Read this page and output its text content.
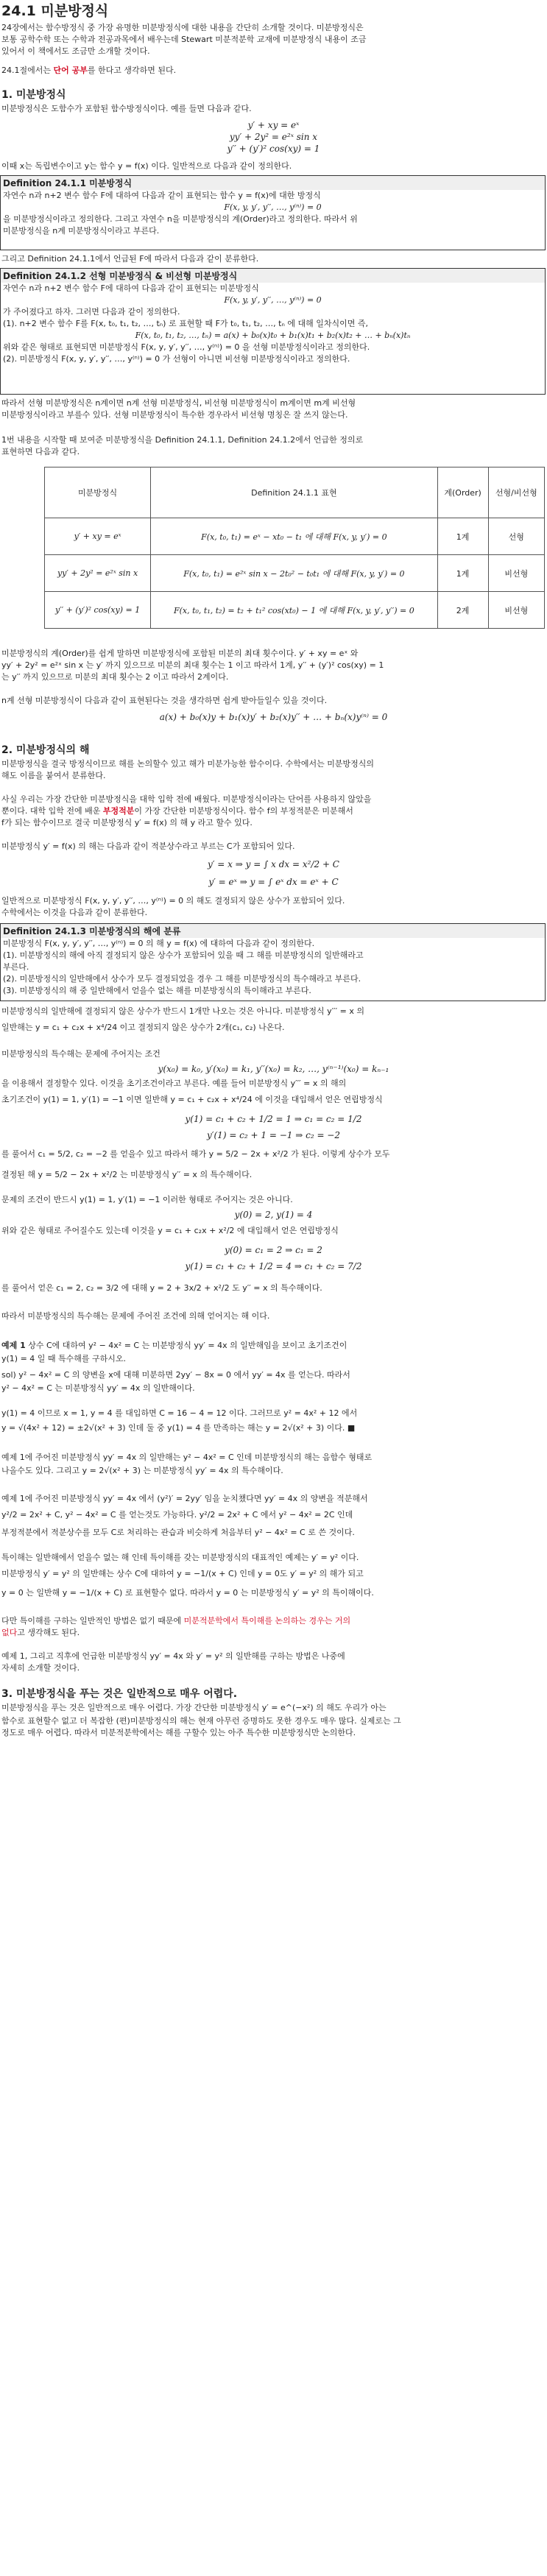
24.1 미분방정식

24장에서는 함수방정식 중 가장 유명한 미분방정식에 대한 내용을 간단히 소개할 것이다. 미분방정식은

보통 공학수학 또는 수학과 전공과목에서 배우는데 Stewart 미분적분학 교재에 미분방정식 내용이 조금

있어서 이 책에서도 조금만 소개할 것이다.

24.1절에서는 단어 공부를 한다고 생각하면 된다.

1. 미분방정식

미분방정식은 도함수가 포함된 함수방정식이다. 예를 들면 다음과 같다.

y′ + xy = eˣ
yy′ + 2y² = e²ˣ sin x
y′′ + (y′)² cos(xy) = 1

이때 x는 독립변수이고 y는 함수 y = f(x) 이다. 일반적으로 다음과 같이 정의한다.

Definition 24.1.1 미분방정식
자연수 n과 n+2 변수 함수 F에 대하여 다음과 같이 표현되는 함수 y = f(x)에 대한 방정식
F(x, y, y′, y′′, …, y⁽ⁿ⁾) = 0
을 미분방정식이라고 정의한다. 그리고 자연수 n을 미분방정식의 계(Order)라고 정의한다. 따라서 위
미분방정식을 n계 미분방정식이라고 부른다.

그리고 Definition 24.1.1에서 언급된 F에 따라서 다음과 같이 분류한다.

Definition 24.1.2 선형 미분방정식 & 비선형 미분방정식
자연수 n과 n+2 변수 함수 F에 대하여 다음과 같이 표현되는 미분방정식
F(x, y, y′, y′′, …, y⁽ⁿ⁾) = 0
가 주어졌다고 하자. 그러면 다음과 같이 정의한다.
(1). n+2 변수 함수 F를 F(x, t₀, t₁, t₂, …, tₙ) 로 표현할 때 F가 t₀, t₁, t₂, …, tₙ 에 대해 일차식이면 즉,
F(x, t₀, t₁, t₂, …, tₙ) = a(x) + b₀(x)t₀ + b₁(x)t₁ + b₂(x)t₂ + … + bₙ(x)tₙ
위와 같은 형태로 표현되면 미분방정식 F(x, y, y′, y′′, …, y⁽ⁿ⁾) = 0 을 선형 미분방정식이라고 정의한다.
(2). 미분방정식 F(x, y, y′, y′′, …, y⁽ⁿ⁾) = 0 가 선형이 아니면 비선형 미분방정식이라고 정의한다.

따라서 선형 미분방정식은 n계이면 n계 선형 미분방정식, 비선형 미분방정식이 m계이면 m계 비선형

미분방정식이라고 부를수 있다. 선형 미분방정식이 특수한 경우라서 비선형 명칭은 잘 쓰지 않는다.

1번 내용을 시작할 때 보여준 미분방정식을 Definition 24.1.1, Definition 24.1.2에서 언급한 정의로

표현하면 다음과 같다.

미분방정식	Definition 24.1.1 표현	계(Order)	선형/비선형
y′ + xy = eˣ	F(x, t₀, t₁) = eˣ − xt₀ − t₁ 에 대해 F(x, y, y′) = 0	1계	선형
yy′ + 2y² = e²ˣ sin x	F(x, t₀, t₁) = e²ˣ sin x − 2t₀² − t₀t₁ 에 대해 F(x, y, y′) = 0	1계	비선형
y′′ + (y′)² cos(xy) = 1	F(x, t₀, t₁, t₂) = t₂ + t₁² cos(xt₀) − 1 에 대해 F(x, y, y′, y′′) = 0	2계	비선형

미분방정식의 계(Order)를 쉽게 말하면 미분방정식에 포함된 미분의 최대 횟수이다. y′ + xy = eˣ 와

yy′ + 2y² = e²ˣ sin x 는 y′ 까지 있으므로 미분의 최대 횟수는 1 이고 따라서 1계, y′′ + (y′)² cos(xy) = 1

는 y′′ 까지 있으므로 미분의 최대 횟수는 2 이고 따라서 2계이다.

n계 선형 미분방정식이 다음과 같이 표현된다는 것을 생각하면 쉽게 받아들일수 있을 것이다.

a(x) + b₀(x)y + b₁(x)y′ + b₂(x)y′′ + … + bₙ(x)y⁽ⁿ⁾ = 0
2. 미분방정식의 해

미분방정식을 결국 방정식이므로 해를 논의할수 있고 해가 미분가능한 함수이다. 수학에서는 미분방정식의

해도 이름을 붙여서 분류한다.

사실 우리는 가장 간단한 미분방정식을 대학 입학 전에 배웠다. 미분방정식이라는 단어를 사용하지 않았을

뿐이다. 대학 입학 전에 배운 부정적분이 가장 간단한 미분방정식이다. 함수 f의 부정적분은 미분해서

f가 되는 함수이므로 결국 미분방정식 y′ = f(x) 의 해 y 라고 할수 있다.

미분방정식 y′ = f(x) 의 해는 다음과 같이 적분상수라고 부르는 C가 포함되어 있다.

y′ = x ⇒ y = ∫ x dx = x²/2 + C
y′ = eˣ ⇒ y = ∫ eˣ dx = eˣ + C

일반적으로 미분방정식 F(x, y, y′, y′′, …, y⁽ⁿ⁾) = 0 의 해도 결정되지 않은 상수가 포함되어 있다.

수학에서는 이것을 다음과 같이 분류한다.

Definition 24.1.3 미분방정식의 해에 분류
미분방정식 F(x, y, y′, y′′, …, y⁽ⁿ⁾) = 0 의 해 y = f(x) 에 대하여 다음과 같이 정의한다.
(1). 미분방정식의 해에 아직 결정되지 않은 상수가 포함되어 있을 때 그 해를 미분방정식의 일반해라고
부른다.
(2). 미분방정식의 일반해에서 상수가 모두 결정되었을 경우 그 해를 미분방정식의 특수해라고 부른다.
(3). 미분방정식의 해 중 일반해에서 얻을수 없는 해를 미분방정식의 특이해라고 부른다.

미분방정식의 일반해에 결정되지 않은 상수가 반드시 1개만 나오는 것은 아니다. 미분방정식 y′′′ = x 의

일반해는 y = c₁ + c₂x + x⁴/24 이고 결정되지 않은 상수가 2개(c₁, c₂) 나온다.

미분방정식의 특수해는 문제에 주어지는 조건

y(x₀) = k₀, y′(x₀) = k₁, y′′(x₀) = k₂, …, y⁽ⁿ⁻¹⁾(x₀) = kₙ₋₁

을 이용해서 결정할수 있다. 이것을 초기조건이라고 부른다. 예를 들어 미분방정식 y′′′ = x 의 해의

초기조건이 y(1) = 1, y′(1) = −1 이면 일반해 y = c₁ + c₂x + x⁴/24 에 이것을 대입해서 얻은 연립방정식

y(1) = c₁ + c₂ + 1/2 = 1 ⇒ c₁ = c₂ = 1/2
y′(1) = c₂ + 1 = −1 ⇒ c₂ = −2

를 풀어서 c₁ = 5/2, c₂ = −2 를 얻을수 있고 따라서 해가 y = 5/2 − 2x + x²/2 가 된다. 이렇게 상수가 모두

결정된 해 y = 5/2 − 2x + x²/2 는 미분방정식 y′′ = x 의 특수해이다.

문제의 조건이 반드시 y(1) = 1, y′(1) = −1 이러한 형태로 주어지는 것은 아니다.

y(0) = 2, y(1) = 4

위와 같은 형태로 주어질수도 있는데 이것을 y = c₁ + c₂x + x²/2 에 대입해서 얻은 연립방정식

y(0) = c₁ = 2 ⇒ c₁ = 2
y(1) = c₁ + c₂ + 1/2 = 4 ⇒ c₁ + c₂ = 7/2

를 풀어서 얻은 c₁ = 2, c₂ = 3/2 에 대해 y = 2 + 3x/2 + x²/2 도 y′′ = x 의 특수해이다.

따라서 미분방정식의 특수해는 문제에 주어진 조건에 의해 얻어지는 해 이다.

예제 1 상수 C에 대하여 y² − 4x² = C 는 미분방정식 yy′ = 4x 의 일반해임을 보이고 초기조건이

y(1) = 4 일 때 특수해를 구하시오.

sol) y² − 4x² = C 의 양변을 x에 대해 미분하면 2yy′ − 8x = 0 에서 yy′ = 4x 를 얻는다. 따라서

y² − 4x² = C 는 미분방정식 yy′ = 4x 의 일반해이다.

y(1) = 4 이므로 x = 1, y = 4 를 대입하면 C = 16 − 4 = 12 이다. 그러므로 y² = 4x² + 12 에서

y = √(4x² + 12) = ±2√(x² + 3) 인데 둘 중 y(1) = 4 를 만족하는 해는 y = 2√(x² + 3) 이다. ■

예제 1에 주어진 미분방정식 yy′ = 4x 의 일반해는 y² − 4x² = C 인데 미분방정식의 해는 음함수 형태로

나올수도 있다. 그리고 y = 2√(x² + 3) 는 미분방정식 yy′ = 4x 의 특수해이다.

예제 1에 주어진 미분방정식 yy′ = 4x 에서 (y²)′ = 2yy′ 임을 눈치챘다면 yy′ = 4x 의 양변을 적분해서

y²/2 = 2x² + C, y² − 4x² = C 를 얻는것도 가능하다. y²/2 = 2x² + C 에서 y² − 4x² = 2C 인데

부정적분에서 적분상수를 모두 C로 처리하는 관습과 비슷하게 처음부터 y² − 4x² = C 로 쓴 것이다.

특이해는 일반해에서 얻을수 없는 해 인데 특이해를 갖는 미분방정식의 대표적인 예제는 y′ = y² 이다.

미분방정식 y′ = y² 의 일반해는 상수 C에 대하여 y = −1/(x + C) 인데 y = 0도 y′ = y² 의 해가 되고

y = 0 는 일반해 y = −1/(x + C) 로 표현할수 없다. 따라서 y = 0 는 미분방정식 y′ = y² 의 특이해이다.

다만 특이해를 구하는 일반적인 방법은 없기 때문에 미분적분학에서 특이해를 논의하는 경우는 거의

없다고 생각해도 된다.

예제 1, 그리고 직후에 언급한 미분방정식 yy′ = 4x 와 y′ = y² 의 일반해를 구하는 방법은 나중에

자세히 소개할 것이다.

3. 미분방정식을 푸는 것은 일반적으로 매우 어렵다.

미분방정식을 푸는 것은 일반적으로 매우 어렵다. 가장 간단한 미분방정식 y′ = e^(−x²) 의 해도 우리가 아는

함수로 표현할수 없고 더 복잡한 (편)미분방정식의 해는 현재 아무런 증명하도 못한 경우도 매우 많다. 실제로는 그

정도로 매우 어렵다. 따라서 미분적분학에서는 해를 구할수 있는 아주 특수한 미분방정식만 논의한다.
